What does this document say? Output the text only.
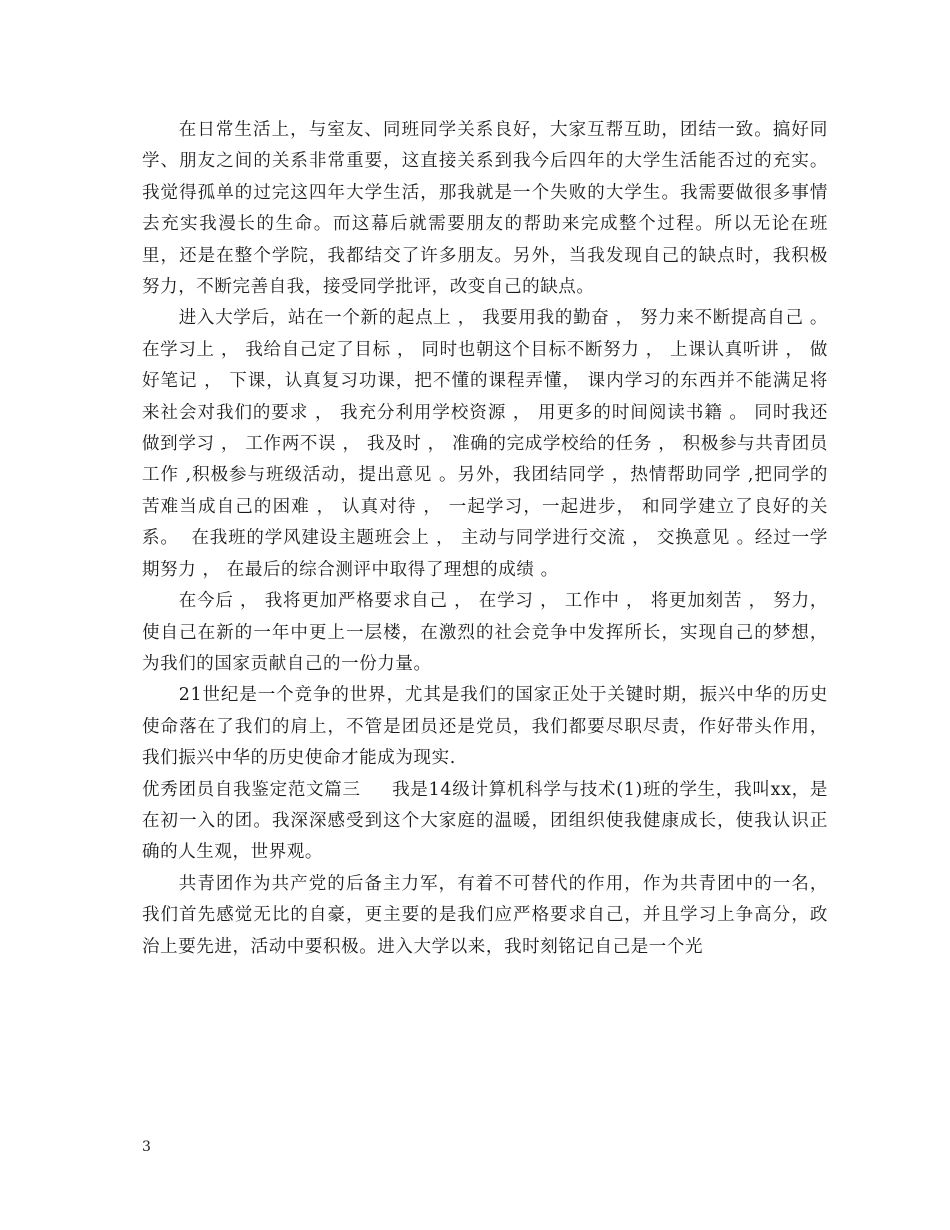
在日常生活上，与室友、同班同学关系良好，大家互帮互助，团结一致。搞好同学、朋友之间的关系非常重要，这直接关系到我今后四年的大学生活能否过的充实。我觉得孤单的过完这四年大学生活，那我就是一个失败的大学生。我需要做很多事情去充实我漫长的生命。而这幕后就需要朋友的帮助来完成整个过程。所以无论在班里，还是在整个学院，我都结交了许多朋友。另外，当我发现自己的缺点时，我积极努力，不断完善自我，接受同学批评，改变自己的缺点。

进入大学后，站在一个新的起点上 ， 我要用我的勤奋 ， 努力来不断提高自己 。在学习上 ， 我给自己定了目标 ， 同时也朝这个目标不断努力 ， 上课认真听讲 ， 做好笔记 ， 下课，认真复习功课，把不懂的课程弄懂， 课内学习的东西并不能满足将来社会对我们的要求 ， 我充分利用学校资源 ， 用更多的时间阅读书籍 。 同时我还做到学习 ， 工作两不误 ， 我及时 ， 准确的完成学校给的任务 ， 积极参与共青团员工作 ,积极参与班级活动，提出意见 。另外，我团结同学 ，热情帮助同学 ,把同学的苦难当成自己的困难 ， 认真对待 ， 一起学习，一起进步， 和同学建立了良好的关系。  在我班的学风建设主题班会上 ， 主动与同学进行交流 ， 交换意见 。经过一学期努力 ， 在最后的综合测评中取得了理想的成绩 。

在今后 ， 我将更加严格要求自己 ， 在学习 ， 工作中 ， 将更加刻苦 ， 努力，使自己在新的一年中更上一层楼，在激烈的社会竞争中发挥所长，实现自己的梦想，为我们的国家贡献自己的一份力量。

21世纪是一个竞争的世界，尤其是我们的国家正处于关键时期，振兴中华的历史使命落在了我们的肩上，不管是团员还是党员，我们都要尽职尽责，作好带头作用，我们振兴中华的历史使命才能成为现实.

优秀团员自我鉴定范文篇三     我是14级计算机科学与技术(1)班的学生，我叫xx，是在初一入的团。我深深感受到这个大家庭的温暖，团组织使我健康成长，使我认识正确的人生观，世界观。

共青团作为共产党的后备主力军，有着不可替代的作用，作为共青团中的一名，我们首先感觉无比的自豪，更主要的是我们应严格要求自己，并且学习上争高分，政治上要先进，活动中要积极。进入大学以来，我时刻铭记自己是一个光

3
